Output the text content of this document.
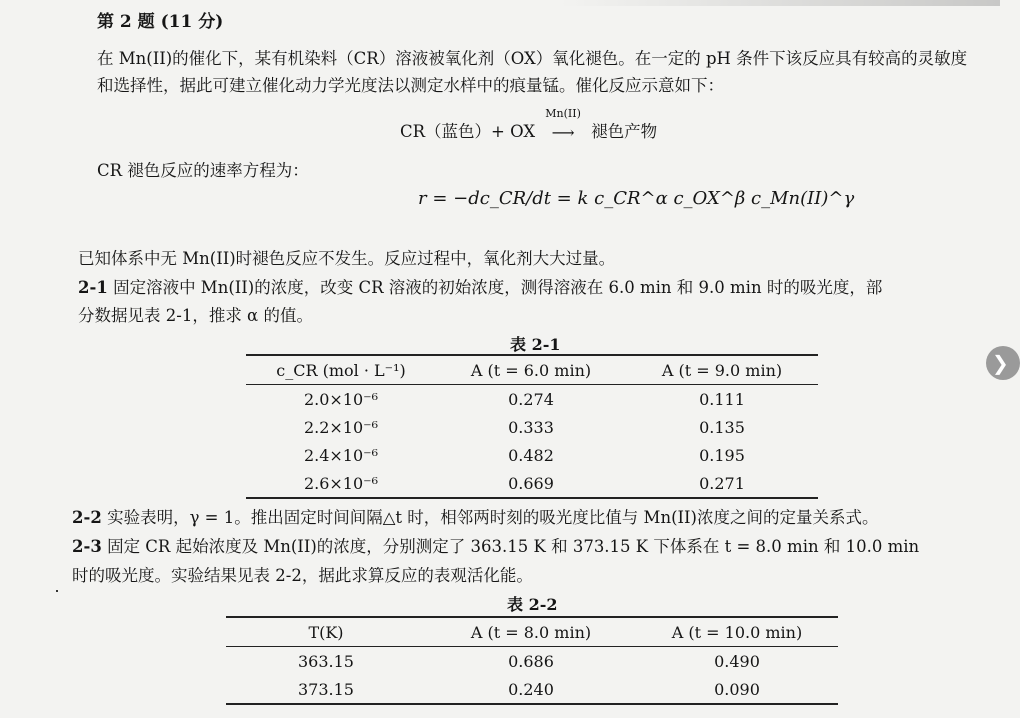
第 2 题 (11 分)
在 Mn(II)的催化下，某有机染料（CR）溶液被氧化剂（OX）氧化褪色。在一定的 pH 条件下该反应具有较高的灵敏度和选择性，据此可建立催化动力学光度法以测定水样中的痕量锰。催化反应示意如下：
CR（蓝色）+ OX
Mn(II)
⟶ 褪色产物
CR 褪色反应的速率方程为：
r = −dc_CR/dt = k c_CR^α c_OX^β c_Mn(II)^γ
已知体系中无 Mn(II)时褪色反应不发生。反应过程中，氧化剂大大过量。
2-1 固定溶液中 Mn(II)的浓度，改变 CR 溶液的初始浓度，测得溶液在 6.0 min 和 9.0 min 时的吸光度，部
分数据见表 2-1，推求 α 的值。
表 2-1
c_CR (mol · L⁻¹)	A (t = 6.0 min)	A (t = 9.0 min)
2.0×10⁻⁶	0.274	0.111
2.2×10⁻⁶	0.333	0.135
2.4×10⁻⁶	0.482	0.195
2.6×10⁻⁶	0.669	0.271
❯
2-2 实验表明，γ = 1。推出固定时间间隔△t 时，相邻两时刻的吸光度比值与 Mn(II)浓度之间的定量关系式。
2-3 固定 CR 起始浓度及 Mn(II)的浓度，分别测定了 363.15 K 和 373.15 K 下体系在 t = 8.0 min 和 10.0 min
时的吸光度。实验结果见表 2-2，据此求算反应的表观活化能。
表 2-2
T(K)	A (t = 8.0 min)	A (t = 10.0 min)
363.15	0.686	0.490
373.15	0.240	0.090
